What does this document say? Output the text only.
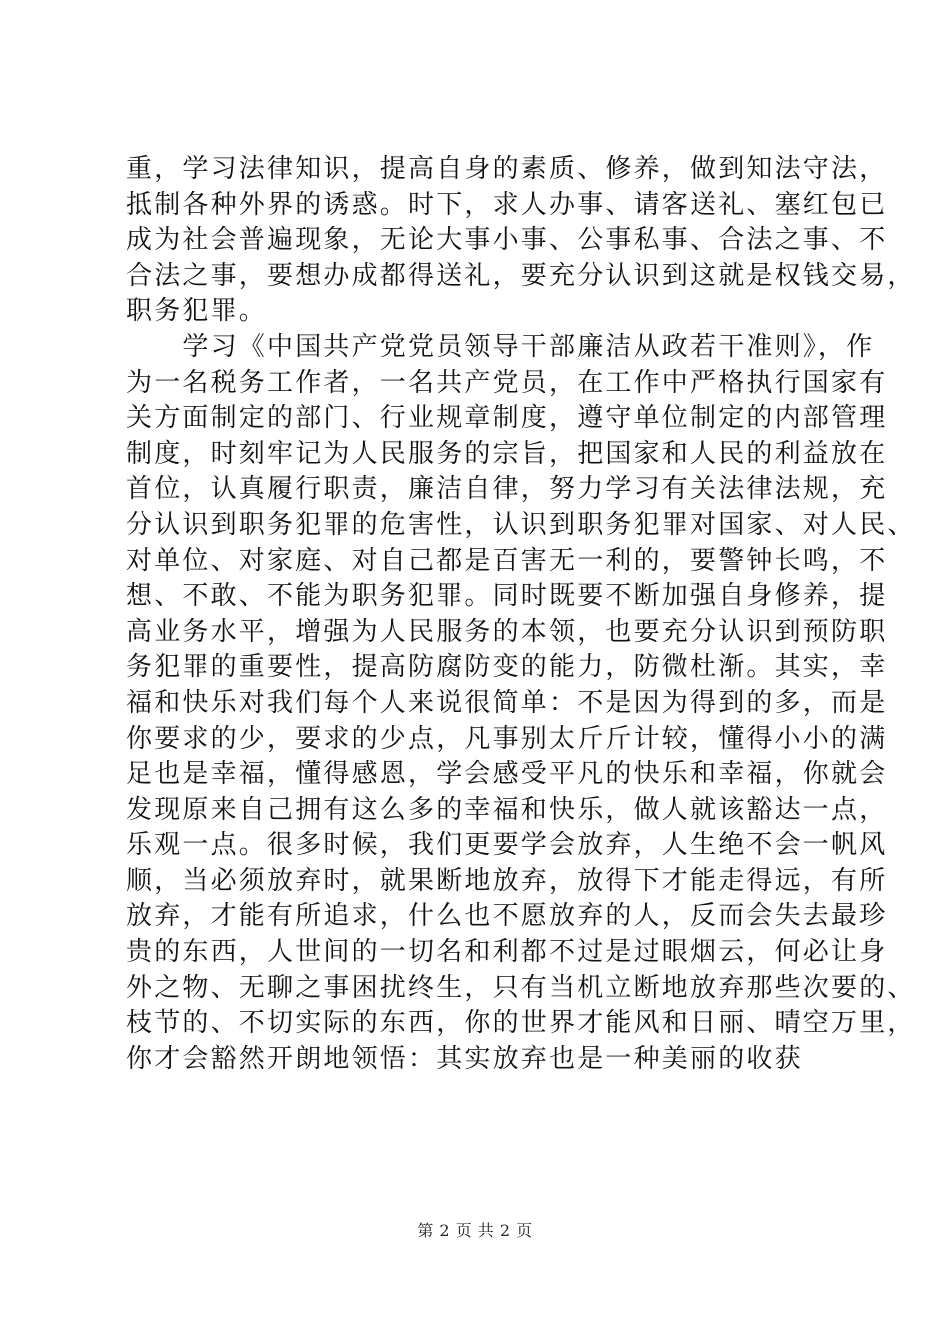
重，学习法律知识，提高自身的素质、修养，做到知法守法，
抵制各种外界的诱惑。时下，求人办事、请客送礼、塞红包已
成为社会普遍现象，无论大事小事、公事私事、合法之事、不
合法之事，要想办成都得送礼，要充分认识到这就是权钱交易，
职务犯罪。
　　学习《中国共产党党员领导干部廉洁从政若干准则》，作
为一名税务工作者，一名共产党员，在工作中严格执行国家有
关方面制定的部门、行业规章制度，遵守单位制定的内部管理
制度，时刻牢记为人民服务的宗旨，把国家和人民的利益放在
首位，认真履行职责，廉洁自律，努力学习有关法律法规，充
分认识到职务犯罪的危害性，认识到职务犯罪对国家、对人民、
对单位、对家庭、对自己都是百害无一利的，要警钟长鸣，不
想、不敢、不能为职务犯罪。同时既要不断加强自身修养，提
高业务水平，增强为人民服务的本领，也要充分认识到预防职
务犯罪的重要性，提高防腐防变的能力，防微杜渐。其实，幸
福和快乐对我们每个人来说很简单：不是因为得到的多，而是
你要求的少，要求的少点，凡事别太斤斤计较，懂得小小的满
足也是幸福，懂得感恩，学会感受平凡的快乐和幸福，你就会
发现原来自己拥有这么多的幸福和快乐，做人就该豁达一点，
乐观一点。很多时候，我们更要学会放弃，人生绝不会一帆风
顺，当必须放弃时，就果断地放弃，放得下才能走得远，有所
放弃，才能有所追求，什么也不愿放弃的人，反而会失去最珍
贵的东西，人世间的一切名和利都不过是过眼烟云，何必让身
外之物、无聊之事困扰终生，只有当机立断地放弃那些次要的、
枝节的、不切实际的东西，你的世界才能风和日丽、晴空万里，
你才会豁然开朗地领悟：其实放弃也是一种美丽的收获
第 2 页 共 2 页
